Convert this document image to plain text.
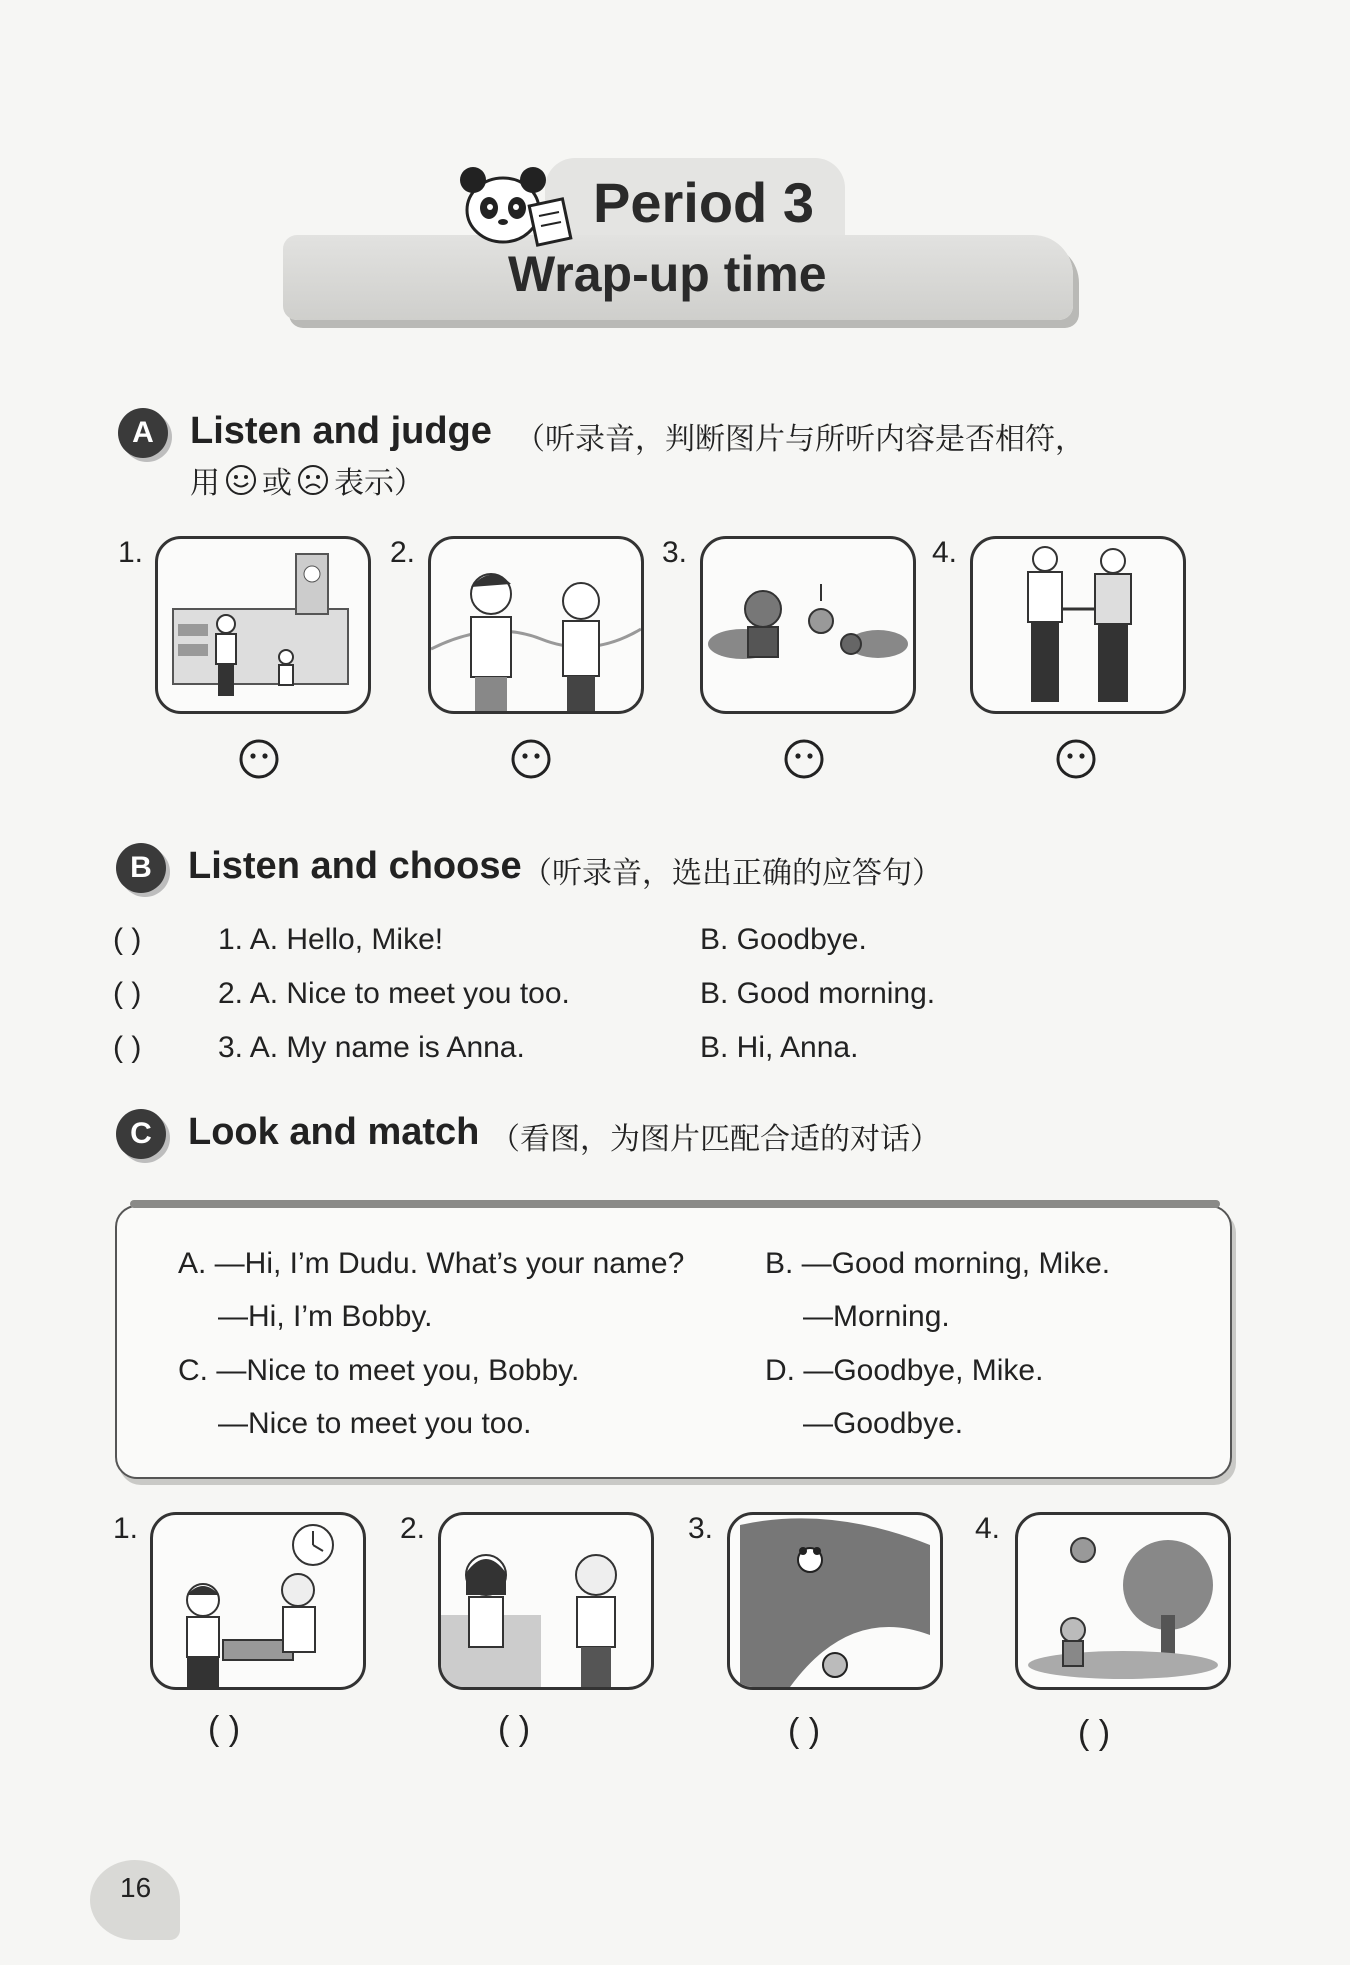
Period 3
Wrap-up time
A Listen and judge （听录音，判断图片与所听内容是否相符，
用 或 表示）
1.	2.	3.	4.
B Listen and choose （听录音，选出正确的应答句）
( )	1. A. Hello, Mike!	B. Goodbye.
( )	2. A. Nice to meet you too.	B. Good morning.
( )	3. A. My name is Anna.	B. Hi, Anna.
C Look and match （看图，为图片匹配合适的对话）
A. —Hi, I’m Dudu. What’s your name?
—Hi, I’m Bobby.
C. —Nice to meet you, Bobby.
—Nice to meet you too.
B. —Good morning, Mike.
—Morning.
D. —Goodbye, Mike.
—Goodbye.
1.	2.	3.	4.
( )	( )	( )	( )
16
